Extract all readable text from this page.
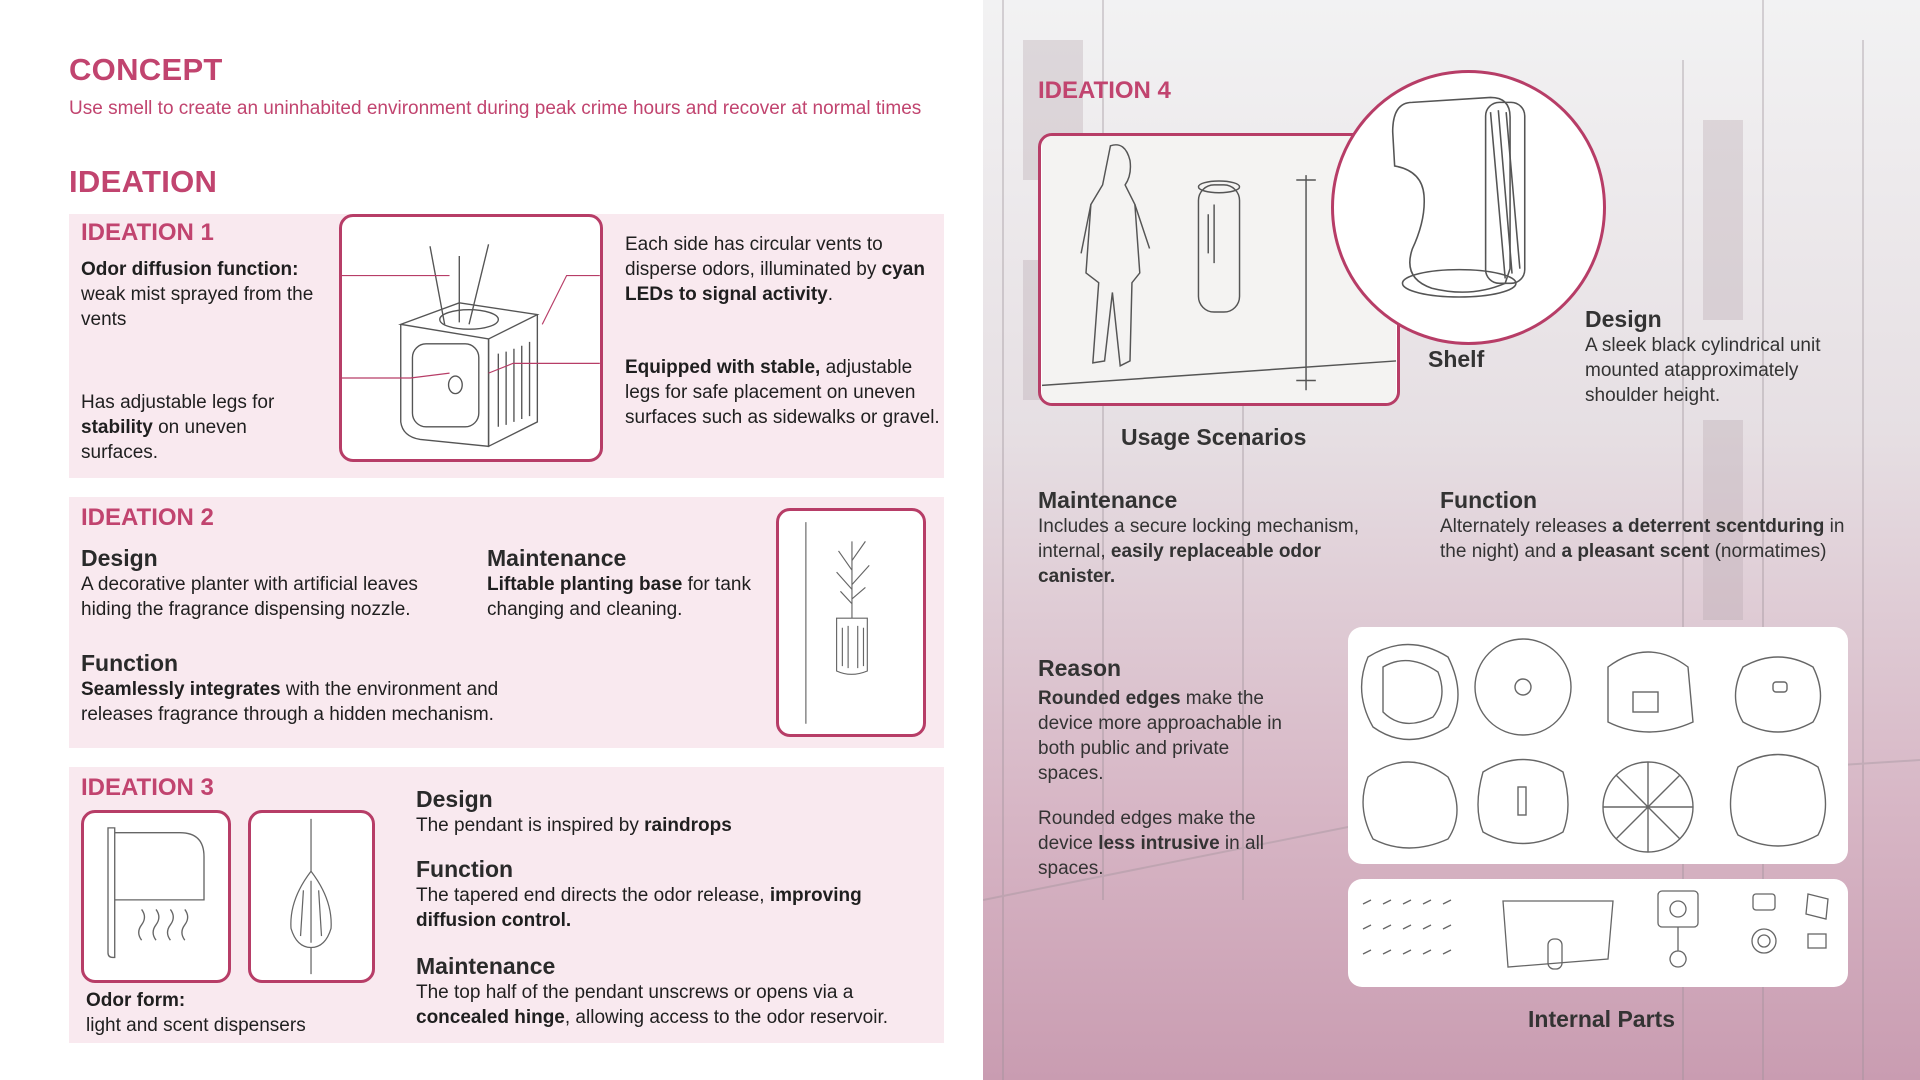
CONCEPT
Use smell to create an uninhabited environment during peak crime hours and recover at normal times
IDEATION
IDEATION 1
Odor diffusion function:
weak mist sprayed from the vents
Has adjustable legs for stability on uneven surfaces.
Each side has circular vents to disperse odors, illuminated by cyan LEDs to signal activity.
Equipped with stable, adjustable legs for safe placement on uneven surfaces such as sidewalks or gravel.
IDEATION 2
Design
A decorative planter with artificial leaves hiding the fragrance dispensing nozzle.
Maintenance
Liftable planting base for tank changing and cleaning.
Function
Seamlessly integrates with the environment and releases fragrance through a hidden mechanism.
IDEATION 3
Odor form:
light and scent dispensers
Design
The pendant is inspired by raindrops
Function
The tapered end directs the odor release, improving diffusion control.
Maintenance
The top half of the pendant unscrews or opens via a concealed hinge, allowing access to the odor reservoir.
IDEATION 4
Shelf
Design
A sleek black cylindrical unit mounted atapproximately shoulder height.
Usage Scenarios
Maintenance
Includes a secure locking mechanism, internal, easily replaceable odor canister.
Function
Alternately releases a deterrent scentduring in the night) and a pleasant scent (normatimes)
Reason
Rounded edges make the device more approachable in both public and private spaces.
Rounded edges make the device less intrusive in all spaces.
Internal Parts
